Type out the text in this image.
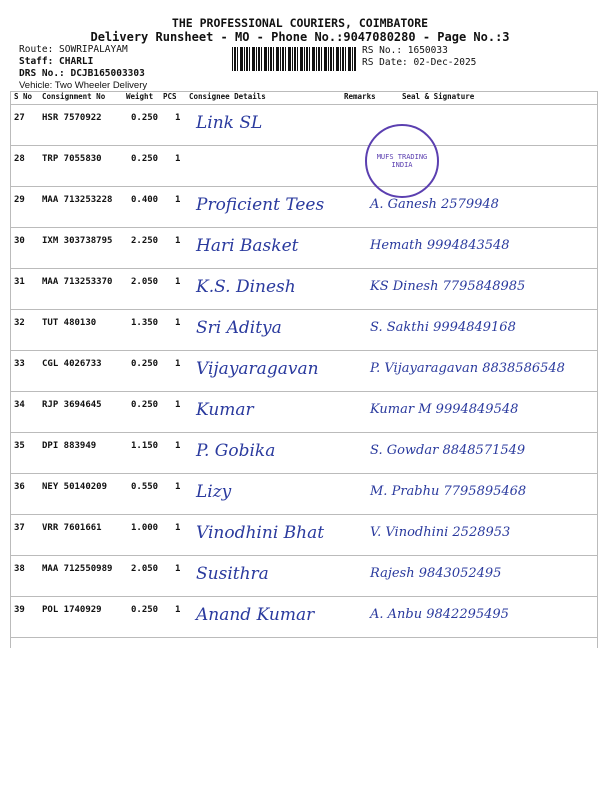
THE PROFESSIONAL COURIERS, COIMBATORE
Delivery Runsheet - MO - Phone No.:9047080280 - Page No.:3
Route: SOWRIPALAYAM
Staff: CHARLI
DRS No.: DCJB165003303
Vehicle: Two Wheeler Delivery
RS No.: 1650033
RS Date: 02-Dec-2025
S No Consignment No	Weight PCS Consignee Details	Remarks	Seal & Signature
27 HSR 7570922	0.250 1 Link SL
28 TRP 7055830	0.250 1
29 MAA 713253228 0.400 1 Proficient Tees	A. Ganesh 2579948
30 IXM 303738795 2.250 1 Hari Basket	Hemath 9994843548
31 MAA 713253370 2.050 1 K.S. Dinesh	KS Dinesh 7795848985
32 TUT 480130	1.350 1 Sri Aditya	S. Sakthi 9994849168
33 CGL 4026733	0.250 1 Vijayaragavan	P. Vijayaragavan 8838586548
34 RJP 3694645	0.250 1 Kumar	Kumar M 9994849548
35 DPI 883949	1.150 1 P. Gobika	S. Gowdar 8848571549
36 NEY 50140209	0.550 1 Lizy	M. Prabhu 7795895468
37 VRR 7601661	1.000 1 Vinodhini Bhat	V. Vinodhini 2528953
38 MAA 712550989 2.050 1 Susithra	Rajesh 9843052495
39 POL 1740929	0.250 1 Anand Kumar	A. Anbu 9842295495
MUFS TRADING INDIA
